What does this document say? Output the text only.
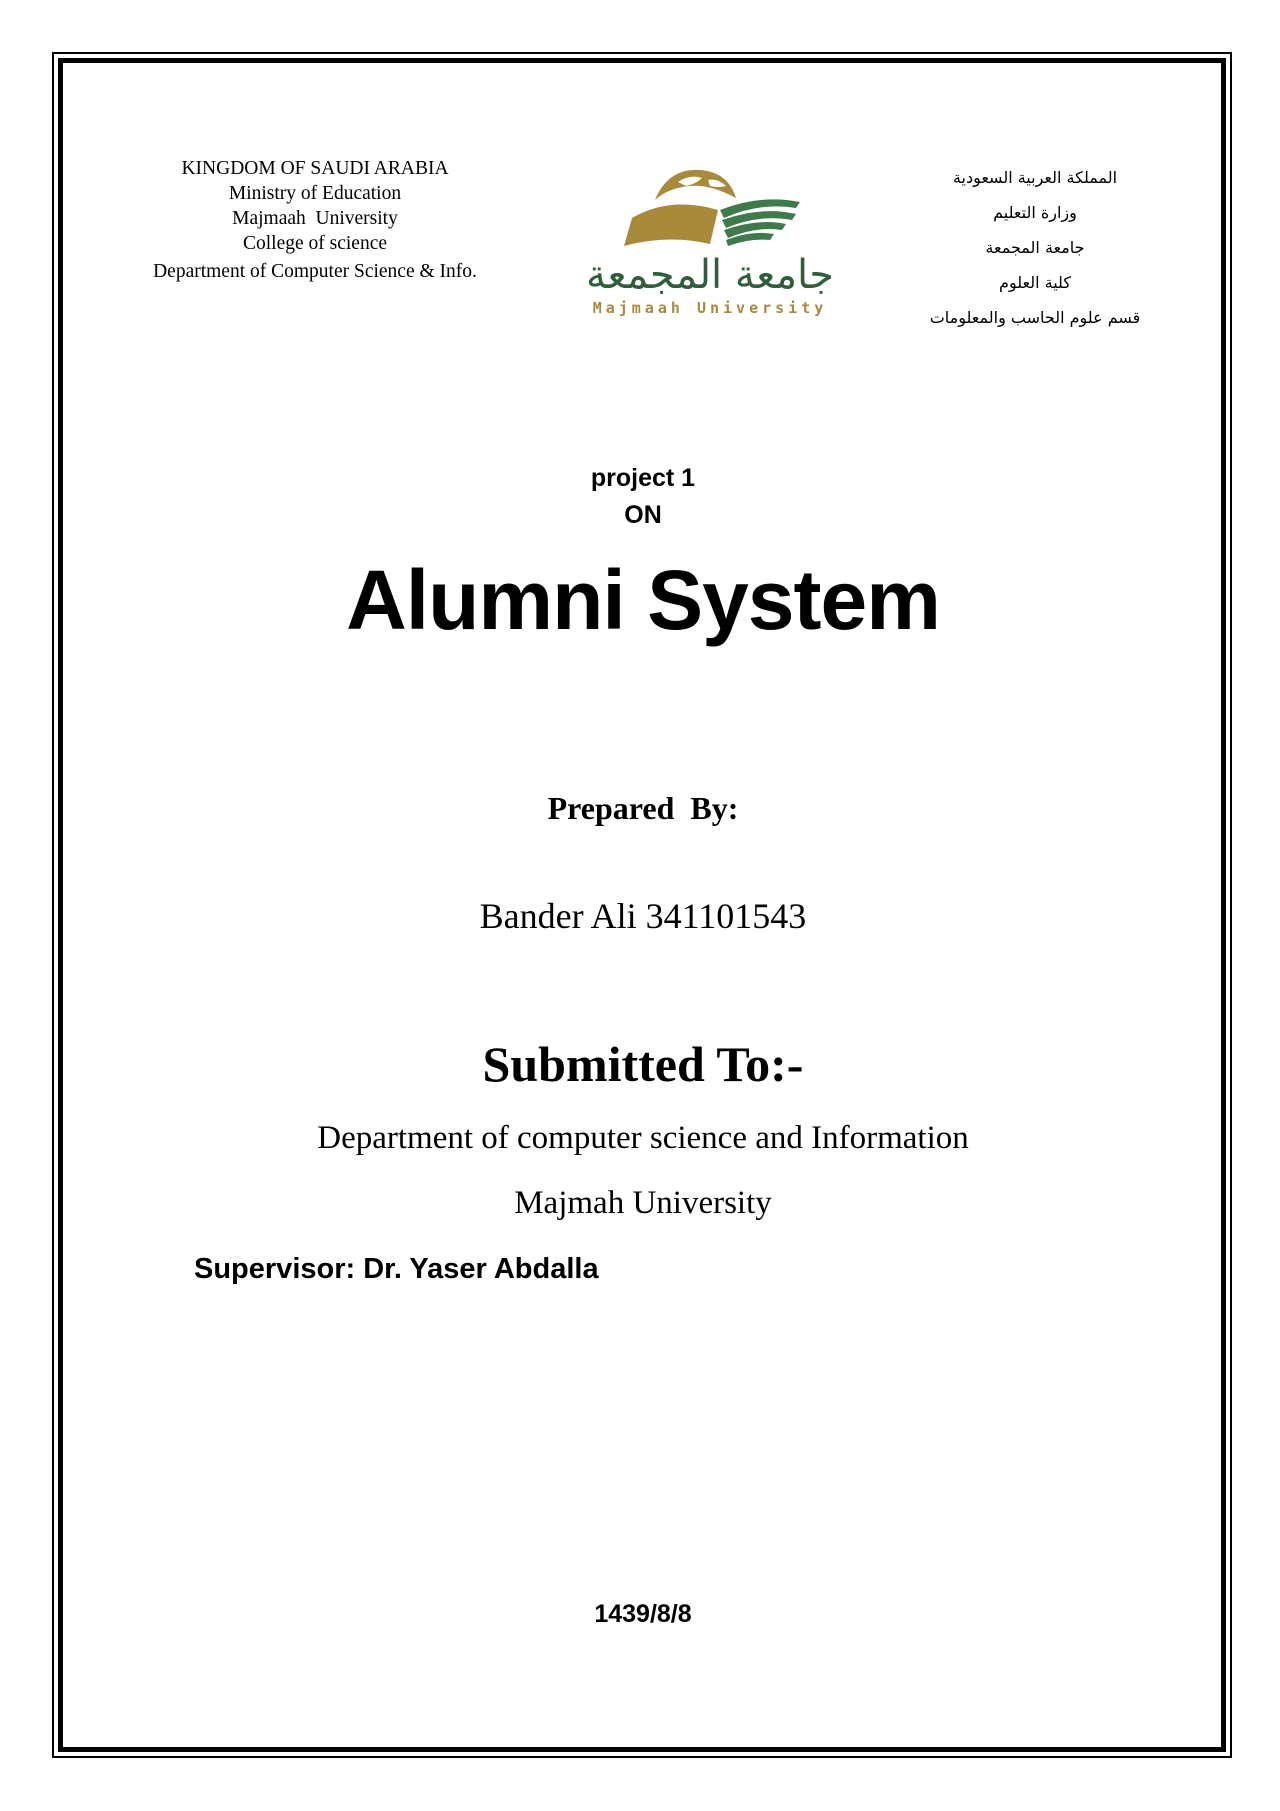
KINGDOM OF SAUDI ARABIA
Ministry of Education
Majmaah  University
College of science
Department of Computer Science & Info.	جامعة المجمعة
Majmaah University
المملكة العربية السعودية
وزارة التعليم
جامعة المجمعة
كلية العلوم
قسم علوم الحاسب والمعلومات
project 1
ON
Alumni System
Prepared  By:
Bander Ali 341101543
Submitted To:-
Department of computer science and Information
Majmah University
Supervisor: Dr. Yaser Abdalla
1439/8/8
